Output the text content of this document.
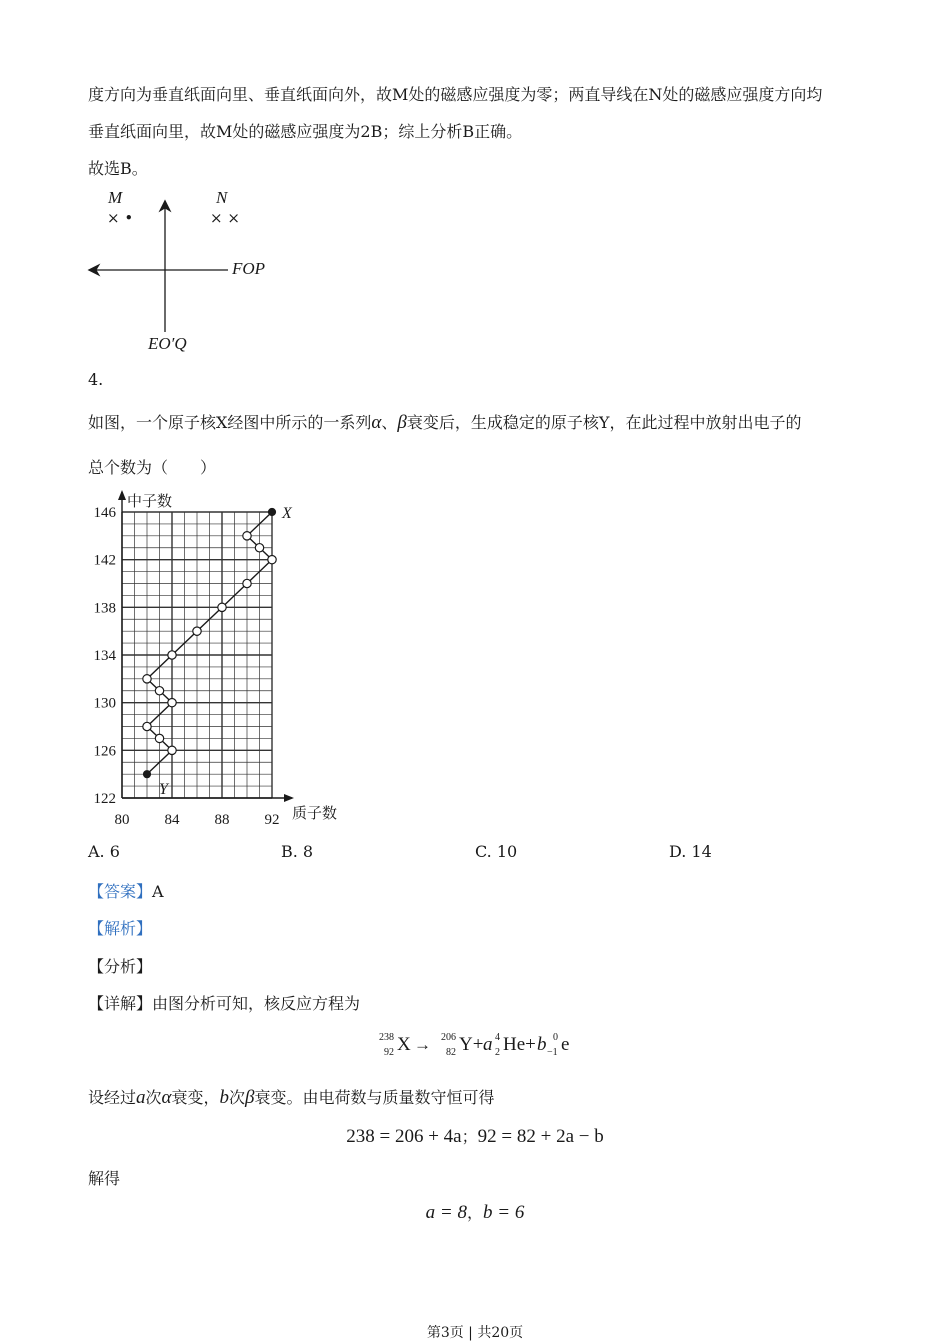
度方向为垂直纸面向里、垂直纸面向外，故M处的磁感应强度为零；两直导线在N处的磁感应强度方向均
垂直纸面向里，故M处的磁感应强度为2B；综上分析B正确。
故选B。
M
× •
N
× ×
FOP
EO′Q
4.
如图，一个原子核X经图中所示的一系列α、β衰变后，生成稳定的原子核Y，在此过程中放射出电子的
总个数为（　　）
122
126
130
134
138
142
146
80 84 88 92
中子数
质子数
X
Y
A. 6	B. 8	C. 10	D. 14
【答案】A
【解析】
【分析】
【详解】由图分析可知，核反应方程为
238
92 X → 206
82 Y+ a 4
2 He+ b 0
−1 e
设经过a次α衰变，b次β衰变。由电荷数与质量数守恒可得
238 = 206 + 4a；92 = 82 + 2a − b
解得
a = 8，b = 6
第3页 | 共20页
